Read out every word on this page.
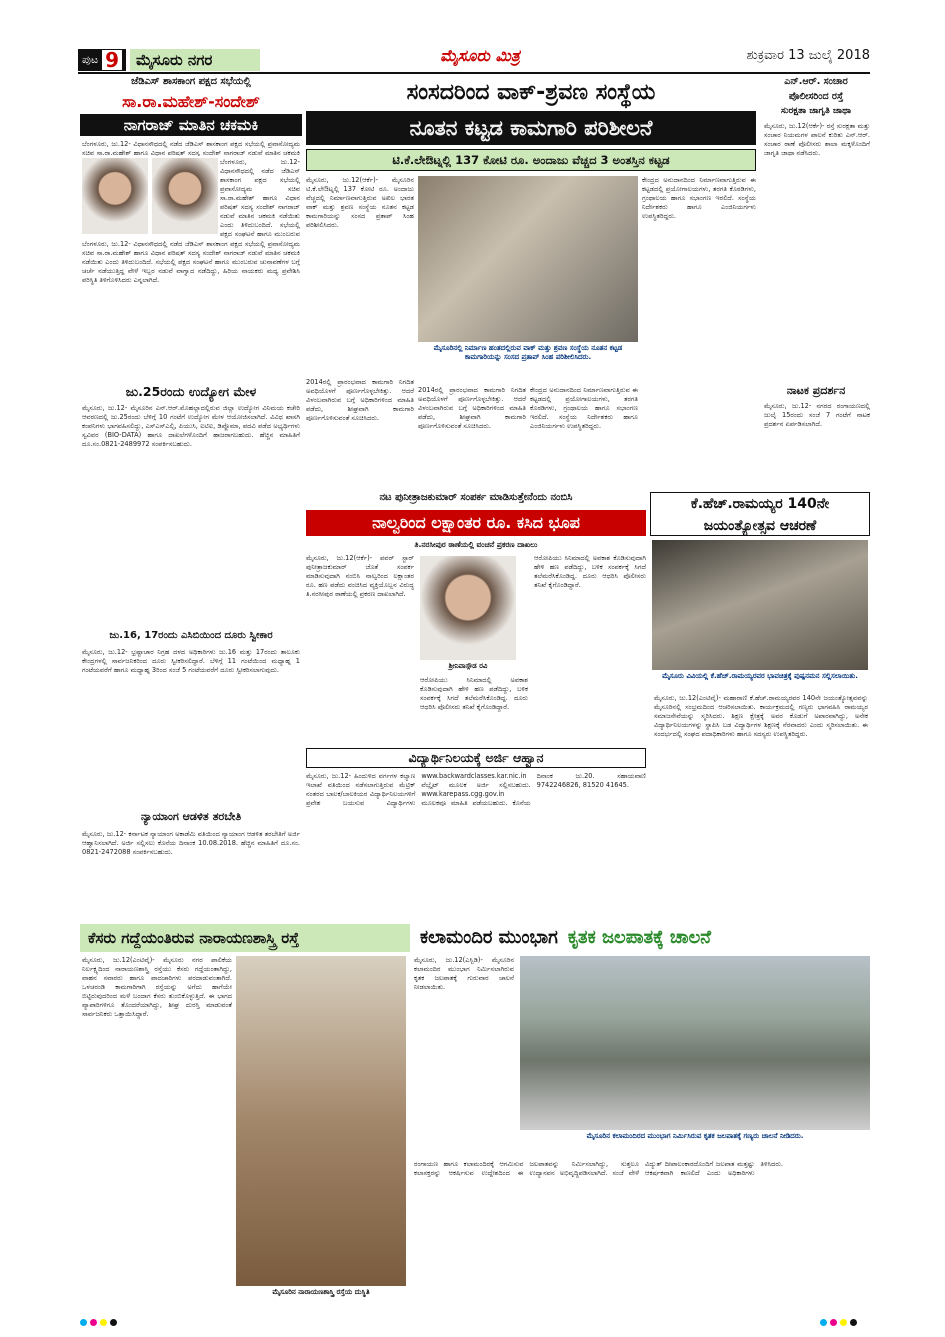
ಪುಟ 9	ಮೈಸೂರು ನಗರ	ಮೈಸೂರು ಮಿತ್ರ	ಶುಕ್ರವಾರ 13 ಜುಲೈ 2018
ಜೆಡಿಎಸ್ ಶಾಸಕಾಂಗ ಪಕ್ಷದ ಸಭೆಯಲ್ಲಿ
ಸಾ.ರಾ.ಮಹೇಶ್-ಸಂದೇಶ್
ನಾಗರಾಜ್ ಮಾತಿನ ಚಕಮಕಿ
ಬೆಂಗಳೂರು, ಜು.12- ವಿಧಾನಸೌಧದಲ್ಲಿ ನಡೆದ ಜೆಡಿಎಸ್ ಶಾಸಕಾಂಗ ಪಕ್ಷದ ಸಭೆಯಲ್ಲಿ ಪ್ರವಾಸೋದ್ಯಮ ಸಚಿವ ಸಾ.ರಾ.ಮಹೇಶ್ ಹಾಗೂ ವಿಧಾನ ಪರಿಷತ್ ಸದಸ್ಯ ಸಂದೇಶ್ ನಾಗರಾಜ್ ನಡುವೆ ಮಾತಿನ ಚಕಮಕಿ
ಬೆಂಗಳೂರು, ಜು.12- ವಿಧಾನಸೌಧದಲ್ಲಿ ನಡೆದ ಜೆಡಿಎಸ್ ಶಾಸಕಾಂಗ ಪಕ್ಷದ ಸಭೆಯಲ್ಲಿ ಪ್ರವಾಸೋದ್ಯಮ ಸಚಿವ ಸಾ.ರಾ.ಮಹೇಶ್ ಹಾಗೂ ವಿಧಾನ ಪರಿಷತ್ ಸದಸ್ಯ ಸಂದೇಶ್ ನಾಗರಾಜ್ ನಡುವೆ ಮಾತಿನ ಚಕಮಕಿ ನಡೆಯಿತು ಎಂದು ತಿಳಿದುಬಂದಿದೆ. ಸಭೆಯಲ್ಲಿ ಪಕ್ಷದ ಸಂಘಟನೆ ಹಾಗೂ ಮುಂಬರುವ
ಬೆಂಗಳೂರು, ಜು.12- ವಿಧಾನಸೌಧದಲ್ಲಿ ನಡೆದ ಜೆಡಿಎಸ್ ಶಾಸಕಾಂಗ ಪಕ್ಷದ ಸಭೆಯಲ್ಲಿ ಪ್ರವಾಸೋದ್ಯಮ ಸಚಿವ ಸಾ.ರಾ.ಮಹೇಶ್ ಹಾಗೂ ವಿಧಾನ ಪರಿಷತ್ ಸದಸ್ಯ ಸಂದೇಶ್ ನಾಗರಾಜ್ ನಡುವೆ ಮಾತಿನ ಚಕಮಕಿ ನಡೆಯಿತು ಎಂದು ತಿಳಿದುಬಂದಿದೆ. ಸಭೆಯಲ್ಲಿ ಪಕ್ಷದ ಸಂಘಟನೆ ಹಾಗೂ ಮುಂಬರುವ ಚುನಾವಣೆಗಳ ಬಗ್ಗೆ ಚರ್ಚೆ ನಡೆಯುತ್ತಿದ್ದ ವೇಳೆ ಇಬ್ಬರ ನಡುವೆ ವಾಗ್ವಾದ ನಡೆದಿದ್ದು, ಹಿರಿಯ ನಾಯಕರು ಮಧ್ಯ ಪ್ರವೇಶಿಸಿ ಪರಿಸ್ಥಿತಿ ತಿಳಿಗೊಳಿಸಿದರು ಎನ್ನಲಾಗಿದೆ.
ಜು.25ರಂದು ಉದ್ಯೋಗ ಮೇಳ
ಮೈಸೂರು, ಜು.12- ಮೈಸೂರಿನ ಎನ್.ಆರ್.ಮೊಹಲ್ಲಾದಲ್ಲಿರುವ ಜಿಲ್ಲಾ ಉದ್ಯೋಗ ವಿನಿಮಯ ಕಚೇರಿ ಆವರಣದಲ್ಲಿ ಜು.25ರಂದು ಬೆಳಿಗ್ಗೆ 10 ಗಂಟೆಗೆ ಉದ್ಯೋಗ ಮೇಳ ಆಯೋಜಿಸಲಾಗಿದೆ. ವಿವಿಧ ಖಾಸಗಿ ಕಂಪನಿಗಳು ಭಾಗವಹಿಸಲಿದ್ದು, ಎಸ್ಎಸ್ಎಲ್ಸಿ, ಪಿಯುಸಿ, ಐಟಿಐ, ಡಿಪ್ಲೊಮಾ, ಪದವಿ ಪಡೆದ ಅಭ್ಯರ್ಥಿಗಳು ಸ್ವವಿವರ (BIO-DATA) ಹಾಗೂ ದಾಖಲೆಗಳೊಂದಿಗೆ ಹಾಜರಾಗಬಹುದು. ಹೆಚ್ಚಿನ ಮಾಹಿತಿಗೆ ದೂ.ಸಂ.0821-2489972 ಸಂಪರ್ಕಿಸಬಹುದು.
ಜು.16, 17ರಂದು ಎಸಿಬಿಯಿಂದ ದೂರು ಸ್ವೀಕಾರ
ಮೈಸೂರು, ಜು.12- ಭ್ರಷ್ಟಾಚಾರ ನಿಗ್ರಹ ದಳದ ಅಧಿಕಾರಿಗಳು ಜು.16 ಮತ್ತು 17ರಂದು ತಾಲೂಕು ಕೇಂದ್ರಗಳಲ್ಲಿ ಸಾರ್ವಜನಿಕರಿಂದ ದೂರು ಸ್ವೀಕರಿಸಲಿದ್ದಾರೆ. ಬೆಳಿಗ್ಗೆ 11 ಗಂಟೆಯಿಂದ ಮಧ್ಯಾಹ್ನ 1 ಗಂಟೆಯವರೆಗೆ ಹಾಗೂ ಮಧ್ಯಾಹ್ನ 3ರಿಂದ ಸಂಜೆ 5 ಗಂಟೆಯವರೆಗೆ ದೂರು ಸ್ವೀಕರಿಸಲಾಗುವುದು.
ನ್ಯಾಯಾಂಗ ಆಡಳಿತ ತರಬೇತಿ
ಮೈಸೂರು, ಜು.12- ಕರ್ನಾಟಕ ನ್ಯಾಯಾಂಗ ಅಕಾಡೆಮಿ ವತಿಯಿಂದ ನ್ಯಾಯಾಂಗ ಆಡಳಿತ ತರಬೇತಿಗೆ ಅರ್ಜಿ ಆಹ್ವಾನಿಸಲಾಗಿದೆ. ಅರ್ಜಿ ಸಲ್ಲಿಸಲು ಕೊನೆಯ ದಿನಾಂಕ 10.08.2018. ಹೆಚ್ಚಿನ ಮಾಹಿತಿಗೆ ದೂ.ಸಂ. 0821-2472088 ಸಂಪರ್ಕಿಸಬಹುದು.
ಸಂಸದರಿಂದ ವಾಕ್-ಶ್ರವಣ ಸಂಸ್ಥೆಯ
ನೂತನ ಕಟ್ಟಡ ಕಾಮಗಾರಿ ಪರಿಶೀಲನೆ
ಟಿ.ಕೆ.ಲೇಔಟ್ನಲ್ಲಿ 137 ಕೋಟಿ ರೂ. ಅಂದಾಜು ವೆಚ್ಚದ 3 ಅಂತಸ್ತಿನ ಕಟ್ಟಡ
ಮೈಸೂರು, ಜು.12(ಆರ್ಕೆ)- ಮೈಸೂರಿನ ಟಿ.ಕೆ.ಲೇಔಟ್ನಲ್ಲಿ 137 ಕೋಟಿ ರೂ. ಅಂದಾಜು ವೆಚ್ಚದಲ್ಲಿ ನಿರ್ಮಾಣವಾಗುತ್ತಿರುವ ಅಖಿಲ ಭಾರತ ವಾಕ್ ಮತ್ತು ಶ್ರವಣ ಸಂಸ್ಥೆಯ ನೂತನ ಕಟ್ಟಡ ಕಾಮಗಾರಿಯನ್ನು ಸಂಸದ ಪ್ರತಾಪ್ ಸಿಂಹ ಪರಿಶೀಲಿಸಿದರು.
2014ರಲ್ಲಿ ಪ್ರಾರಂಭವಾದ ಕಾಮಗಾರಿ ನಿಗದಿತ ಅವಧಿಯೊಳಗೆ ಪೂರ್ಣಗೊಳ್ಳಬೇಕಿತ್ತು. ಆದರೆ ವಿಳಂಬವಾಗಿರುವ ಬಗ್ಗೆ ಅಧಿಕಾರಿಗಳಿಂದ ಮಾಹಿತಿ ಪಡೆದು, ಶೀಘ್ರವಾಗಿ ಕಾಮಗಾರಿ ಪೂರ್ಣಗೊಳಿಸುವಂತೆ ಸೂಚಿಸಿದರು.
ಮೈಸೂರಿನಲ್ಲಿ ನಿರ್ಮಾಣ ಹಂತದಲ್ಲಿರುವ ವಾಕ್ ಮತ್ತು ಶ್ರವಣ ಸಂಸ್ಥೆಯ ನೂತನ ಕಟ್ಟಡ ಕಾಮಗಾರಿಯನ್ನು ಸಂಸದ ಪ್ರತಾಪ್ ಸಿಂಹ ಪರಿಶೀಲಿಸಿದರು.
2014ರಲ್ಲಿ ಪ್ರಾರಂಭವಾದ ಕಾಮಗಾರಿ ನಿಗದಿತ ಅವಧಿಯೊಳಗೆ ಪೂರ್ಣಗೊಳ್ಳಬೇಕಿತ್ತು. ಆದರೆ ವಿಳಂಬವಾಗಿರುವ ಬಗ್ಗೆ ಅಧಿಕಾರಿಗಳಿಂದ ಮಾಹಿತಿ ಪಡೆದು, ಶೀಘ್ರವಾಗಿ ಕಾಮಗಾರಿ ಪೂರ್ಣಗೊಳಿಸುವಂತೆ ಸೂಚಿಸಿದರು.
ಕೇಂದ್ರದ ಅನುದಾನದಿಂದ ನಿರ್ಮಾಣವಾಗುತ್ತಿರುವ ಈ ಕಟ್ಟಡದಲ್ಲಿ ಪ್ರಯೋಗಾಲಯಗಳು, ತರಗತಿ ಕೊಠಡಿಗಳು, ಗ್ರಂಥಾಲಯ ಹಾಗೂ ಸಭಾಂಗಣ ಇರಲಿದೆ. ಸಂಸ್ಥೆಯ ನಿರ್ದೇಶಕರು ಹಾಗೂ ಎಂಜಿನಿಯರ್ಗಳು ಉಪಸ್ಥಿತರಿದ್ದರು.
ಕೇಂದ್ರದ ಅನುದಾನದಿಂದ ನಿರ್ಮಾಣವಾಗುತ್ತಿರುವ ಈ ಕಟ್ಟಡದಲ್ಲಿ ಪ್ರಯೋಗಾಲಯಗಳು, ತರಗತಿ ಕೊಠಡಿಗಳು, ಗ್ರಂಥಾಲಯ ಹಾಗೂ ಸಭಾಂಗಣ ಇರಲಿದೆ. ಸಂಸ್ಥೆಯ ನಿರ್ದೇಶಕರು ಹಾಗೂ ಎಂಜಿನಿಯರ್ಗಳು ಉಪಸ್ಥಿತರಿದ್ದರು.
ಎನ್.ಆರ್. ಸಂಚಾರ
ಪೊಲೀಸರಿಂದ ರಸ್ತೆ
ಸುರಕ್ಷತಾ ಜಾಗೃತಿ ಜಾಥಾ
ಮೈಸೂರು, ಜು.12(ಆರ್ಕೆ)- ರಸ್ತೆ ಸುರಕ್ಷತಾ ಮತ್ತು ಸಂಚಾರ ನಿಯಮಗಳ ಪಾಲನೆ ಕುರಿತು ಎನ್.ಆರ್. ಸಂಚಾರ ಠಾಣೆ ಪೊಲೀಸರು ಶಾಲಾ ಮಕ್ಕಳೊಂದಿಗೆ ಜಾಗೃತಿ ಜಾಥಾ ನಡೆಸಿದರು.
ನಾಟಕ ಪ್ರದರ್ಶನ
ಮೈಸೂರು, ಜು.12- ನಗರದ ರಂಗಾಯಣದಲ್ಲಿ ಜುಲೈ 15ರಂದು ಸಂಜೆ 7 ಗಂಟೆಗೆ ನಾಟಕ ಪ್ರದರ್ಶನ ಏರ್ಪಡಿಸಲಾಗಿದೆ.
ನಟ ಪುನೀತ್ರಾಜಕುಮಾರ್ ಸಂಪರ್ಕ ಮಾಡಿಸುತ್ತೇನೆಂದು ನಂಬಿಸಿ
ನಾಲ್ವರಿಂದ ಲಕ್ಷಾಂತರ ರೂ. ಕಸಿದ ಭೂಪ
ತಿ.ನರಸೀಪುರ ಠಾಣೆಯಲ್ಲಿ ವಂಚನೆ ಪ್ರಕರಣ ದಾಖಲು
ಮೈಸೂರು, ಜು.12(ಆರ್ಕೆ)- ಪವರ್ ಸ್ಟಾರ್ ಪುನೀತ್ರಾಜಕುಮಾರ್ ಜೊತೆ ಸಂಪರ್ಕ ಮಾಡಿಸುವುದಾಗಿ ನಂಬಿಸಿ ನಾಲ್ವರಿಂದ ಲಕ್ಷಾಂತರ ರೂ. ಹಣ ಪಡೆದು ವಂಚಿಸಿದ ವ್ಯಕ್ತಿಯೊಬ್ಬನ ವಿರುದ್ಧ ತಿ.ನರಸೀಪುರ ಠಾಣೆಯಲ್ಲಿ ಪ್ರಕರಣ ದಾಖಲಾಗಿದೆ.
ಶ್ರೀನಿವಾಸ್ಗೌಡ ರವಿ
ಆರೋಪಿಯು ಸಿನಿಮಾದಲ್ಲಿ ಅವಕಾಶ ಕೊಡಿಸುವುದಾಗಿ ಹೇಳಿ ಹಣ ಪಡೆದಿದ್ದು, ಬಳಿಕ ಸಂಪರ್ಕಕ್ಕೆ ಸಿಗದೆ ತಲೆಮರೆಸಿಕೊಂಡಿದ್ದ. ದೂರು ಆಧರಿಸಿ ಪೊಲೀಸರು ತನಿಖೆ ಕೈಗೊಂಡಿದ್ದಾರೆ.
ಆರೋಪಿಯು ಸಿನಿಮಾದಲ್ಲಿ ಅವಕಾಶ ಕೊಡಿಸುವುದಾಗಿ ಹೇಳಿ ಹಣ ಪಡೆದಿದ್ದು, ಬಳಿಕ ಸಂಪರ್ಕಕ್ಕೆ ಸಿಗದೆ ತಲೆಮರೆಸಿಕೊಂಡಿದ್ದ. ದೂರು ಆಧರಿಸಿ ಪೊಲೀಸರು ತನಿಖೆ ಕೈಗೊಂಡಿದ್ದಾರೆ.
ವಿದ್ಯಾರ್ಥಿನಿಲಯಕ್ಕೆ ಅರ್ಜಿ ಆಹ್ವಾನ
ಮೈಸೂರು, ಜು.12- ಹಿಂದುಳಿದ ವರ್ಗಗಳ ಕಲ್ಯಾಣ ಇಲಾಖೆ ವತಿಯಿಂದ ನಡೆಸಲಾಗುತ್ತಿರುವ ಮೆಟ್ರಿಕ್ ನಂತರದ ಬಾಲಕ/ಬಾಲಕಿಯರ ವಿದ್ಯಾರ್ಥಿನಿಲಯಗಳಿಗೆ ಪ್ರವೇಶ ಬಯಸುವ ವಿದ್ಯಾರ್ಥಿಗಳು www.backwardclasses.kar.nic.in ವೆಬ್ಸೈಟ್ ಮೂಲಕ ಅರ್ಜಿ ಸಲ್ಲಿಸಬಹುದು. www.karepass.cgg.gov.in ಮೂಲಕವೂ ಮಾಹಿತಿ ಪಡೆಯಬಹುದು. ಕೊನೆಯ ದಿನಾಂಕ ಜು.20. ಸಹಾಯವಾಣಿ 9742246826, 81520 41645.
ಕೆ.ಹೆಚ್.ರಾಮಯ್ಯರ 140ನೇ
ಜಯಂತ್ಯೋತ್ಸವ ಆಚರಣೆ
ಮೈಸೂರು ವಿವಿಯಲ್ಲಿ ಕೆ.ಹೆಚ್.ರಾಮಯ್ಯರವರ ಭಾವಚಿತ್ರಕ್ಕೆ ಪುಷ್ಪನಮನ ಸಲ್ಲಿಸಲಾಯಿತು.
ಮೈಸೂರು, ಜು.12(ಎಂಟಿವೈ)- ಮಹಾರಾಣಿ ಕೆ.ಹೆಚ್.ರಾಮಯ್ಯರವರ 140ನೇ ಜಯಂತ್ಯೋತ್ಸವವನ್ನು ಮೈಸೂರಿನಲ್ಲಿ ಸಂಭ್ರಮದಿಂದ ಆಚರಿಸಲಾಯಿತು. ಕಾರ್ಯಕ್ರಮದಲ್ಲಿ ಗಣ್ಯರು ಭಾಗವಹಿಸಿ ರಾಮಯ್ಯರ ಸಮಾಜಸೇವೆಯನ್ನು ಸ್ಮರಿಸಿದರು. ಶಿಕ್ಷಣ ಕ್ಷೇತ್ರಕ್ಕೆ ಅವರ ಕೊಡುಗೆ ಅಪಾರವಾಗಿದ್ದು, ಅನೇಕ ವಿದ್ಯಾರ್ಥಿನಿಲಯಗಳನ್ನು ಸ್ಥಾಪಿಸಿ ಬಡ ವಿದ್ಯಾರ್ಥಿಗಳ ಶಿಕ್ಷಣಕ್ಕೆ ನೆರವಾದರು ಎಂದು ಸ್ಮರಿಸಲಾಯಿತು. ಈ ಸಂದರ್ಭದಲ್ಲಿ ಸಂಘದ ಪದಾಧಿಕಾರಿಗಳು ಹಾಗೂ ಸದಸ್ಯರು ಉಪಸ್ಥಿತರಿದ್ದರು.
ಕೆಸರು ಗದ್ದೆಯಂತಿರುವ ನಾರಾಯಣಶಾಸ್ತ್ರಿ ರಸ್ತೆ
ಮೈಸೂರು, ಜು.12(ಎಂಟಿವೈ)- ಮೈಸೂರು ನಗರ ಪಾಲಿಕೆಯ ನಿರ್ಲಕ್ಷ್ಯದಿಂದ ನಾರಾಯಣಶಾಸ್ತ್ರಿ ರಸ್ತೆಯು ಕೆಸರು ಗದ್ದೆಯಂತಾಗಿದ್ದು, ವಾಹನ ಸವಾರರು ಹಾಗೂ ಪಾದಚಾರಿಗಳು ಪರದಾಡುವಂತಾಗಿದೆ. ಒಳಚರಂಡಿ ಕಾಮಗಾರಿಗಾಗಿ ರಸ್ತೆಯನ್ನು ಅಗೆದು ಹಾಗೆಯೇ ಬಿಟ್ಟಿರುವುದರಿಂದ ಮಳೆ ಬಂದಾಗ ಕೆಸರು ತುಂಬಿಕೊಳ್ಳುತ್ತಿದೆ. ಈ ಭಾಗದ ವ್ಯಾಪಾರಿಗಳಿಗೂ ತೊಂದರೆಯಾಗಿದ್ದು, ಶೀಘ್ರ ದುರಸ್ತಿ ಮಾಡುವಂತೆ ಸಾರ್ವಜನಿಕರು ಒತ್ತಾಯಿಸಿದ್ದಾರೆ.
ಮೈಸೂರಿನ ನಾರಾಯಣಶಾಸ್ತ್ರಿ ರಸ್ತೆಯ ದುಸ್ಥಿತಿ
ಕಲಾಮಂದಿರ ಮುಂಭಾಗ ಕೃತಕ ಜಲಪಾತಕ್ಕೆ ಚಾಲನೆ
ಮೈಸೂರು, ಜು.12(ಎಸ್ಬಿಡಿ)- ಮೈಸೂರಿನ ಕಲಾಮಂದಿರ ಮುಂಭಾಗ ನಿರ್ಮಿಸಲಾಗಿರುವ ಕೃತಕ ಜಲಪಾತಕ್ಕೆ ಗುರುವಾರ ಚಾಲನೆ ನೀಡಲಾಯಿತು.
ಮೈಸೂರಿನ ಕಲಾಮಂದಿರದ ಮುಂಭಾಗ ನಿರ್ಮಿಸಿರುವ ಕೃತಕ ಜಲಪಾತಕ್ಕೆ ಗಣ್ಯರು ಚಾಲನೆ ನೀಡಿದರು.
ರಂಗಾಯಣ ಹಾಗೂ ಕಲಾಮಂದಿರಕ್ಕೆ ಆಗಮಿಸುವ ಕಲಾಸಕ್ತರನ್ನು ಆಕರ್ಷಿಸುವ ಉದ್ದೇಶದಿಂದ ಈ ಜಲಪಾತವನ್ನು ನಿರ್ಮಿಸಲಾಗಿದ್ದು, ಸುತ್ತಲೂ ಉದ್ಯಾನವನ ಅಭಿವೃದ್ಧಿಪಡಿಸಲಾಗಿದೆ. ಸಂಜೆ ವೇಳೆ ವಿದ್ಯುತ್ ದೀಪಾಲಂಕಾರದೊಂದಿಗೆ ಜಲಪಾತ ಮತ್ತಷ್ಟು ಆಕರ್ಷಕವಾಗಿ ಕಾಣಲಿದೆ ಎಂದು ಅಧಿಕಾರಿಗಳು ತಿಳಿಸಿದರು.
